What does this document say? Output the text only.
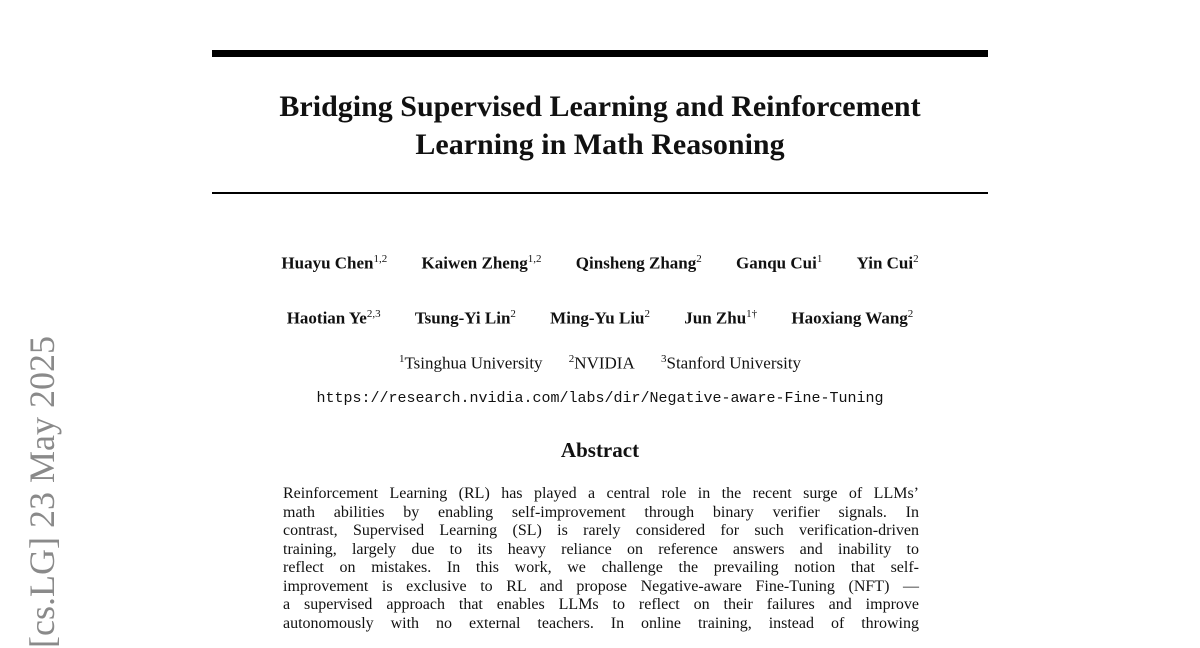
[cs.LG] 23 May 2025
Bridging Supervised Learning and Reinforcement
Learning in Math Reasoning
Huayu Chen$^{1,2}$ Kaiwen Zheng$^{1,2}$ Qinsheng Zhang$^2$ Ganqu Cui$^1$ Yin Cui$^2$
Haotian Ye$^{2,3}$ Tsung-Yi Lin$^2$ Ming-Yu Liu$^2$ Jun Zhu$^{1\dagger}$ Haoxiang Wang$^2$
$^1$Tsinghua University $^2$NVIDIA $^3$Stanford University
https://research.nvidia.com/labs/dir/Negative-aware-Fine-Tuning
Abstract
Reinforcement Learning (RL) has played a central role in the recent surge of LLMs’
math abilities by enabling self-improvement through binary verifier signals. In
contrast, Supervised Learning (SL) is rarely considered for such verification-driven
training, largely due to its heavy reliance on reference answers and inability to
reflect on mistakes. In this work, we challenge the prevailing notion that self-
improvement is exclusive to RL and propose Negative-aware Fine-Tuning (NFT) —
a supervised approach that enables LLMs to reflect on their failures and improve
autonomously with no external teachers. In online training, instead of throwing
